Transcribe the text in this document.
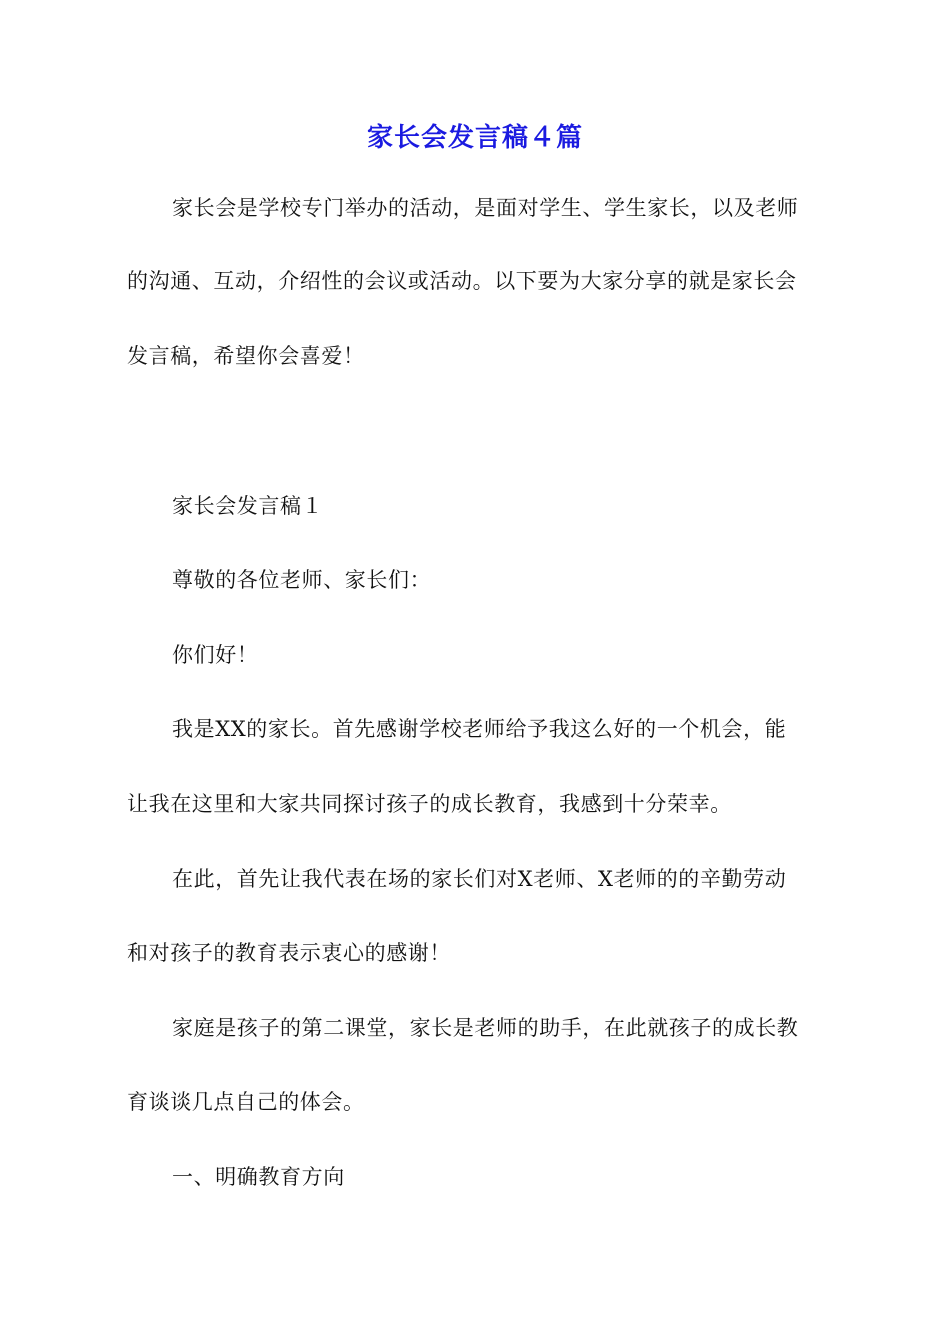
家长会发言稿４篇
家长会是学校专门举办的活动，是面对学生、学生家长，以及老师
的沟通、互动，介绍性的会议或活动。以下要为大家分享的就是家长会
发言稿，希望你会喜爱！
家长会发言稿１
尊敬的各位老师、家长们：
你们好！
我是XX的家长。首先感谢学校老师给予我这么好的一个机会，能
让我在这里和大家共同探讨孩子的成长教育，我感到十分荣幸。
在此，首先让我代表在场的家长们对X老师、X老师的的辛勤劳动
和对孩子的教育表示衷心的感谢！
家庭是孩子的第二课堂，家长是老师的助手，在此就孩子的成长教
育谈谈几点自己的体会。
一、明确教育方向
